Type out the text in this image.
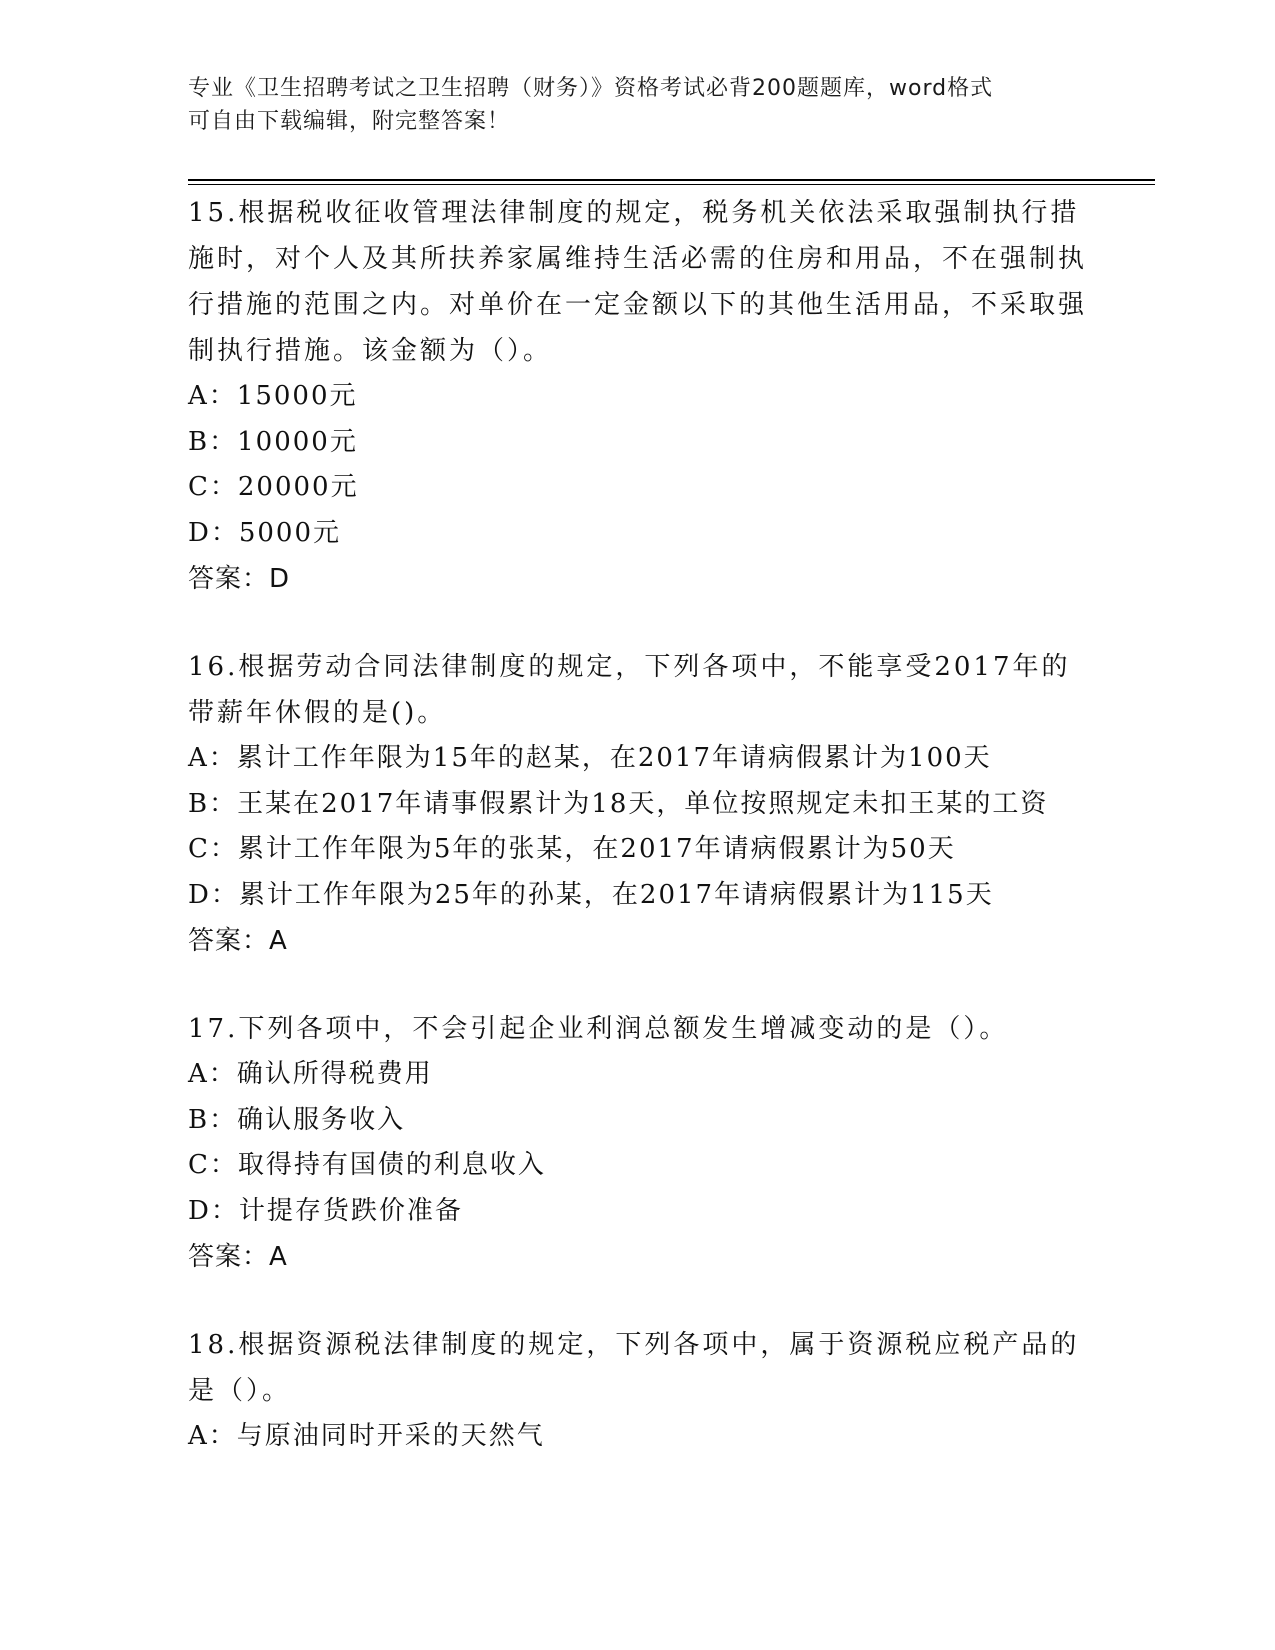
专业《卫生招聘考试之卫生招聘（财务）》资格考试必背200题题库，word格式
可自由下载编辑，附完整答案！
15.根据税收征收管理法律制度的规定，税务机关依法采取强制执行措施时，对个人及其所扶养家属维持生活必需的住房和用品，不在强制执行措施的范围之内。对单价在一定金额以下的其他生活用品，不采取强制执行措施。该金额为（）。
A：15000元
B：10000元
C：20000元
D：5000元
答案：D
16.根据劳动合同法律制度的规定，下列各项中，不能享受2017年的带薪年休假的是()。
A：累计工作年限为15年的赵某，在2017年请病假累计为100天
B：王某在2017年请事假累计为18天，单位按照规定未扣王某的工资
C：累计工作年限为5年的张某，在2017年请病假累计为50天
D：累计工作年限为25年的孙某，在2017年请病假累计为115天
答案：A
17.下列各项中，不会引起企业利润总额发生增减变动的是（）。
A：确认所得税费用
B：确认服务收入
C：取得持有国债的利息收入
D：计提存货跌价准备
答案：A
18.根据资源税法律制度的规定，下列各项中，属于资源税应税产品的是（）。
A：与原油同时开采的天然气
